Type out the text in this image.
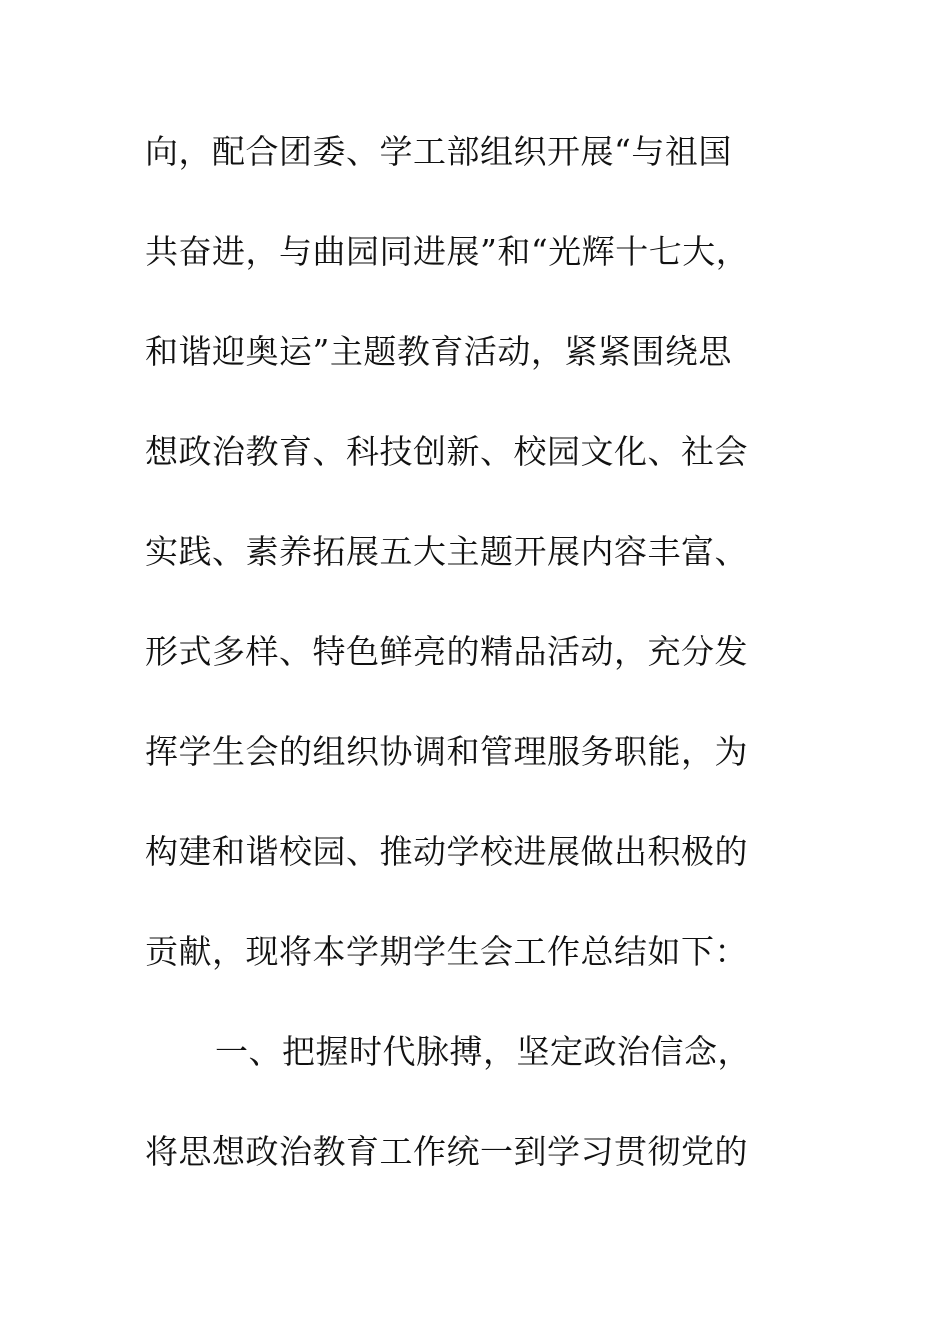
向，配合团委、学工部组织开展“与祖国

共奋进，与曲园同进展”和“光辉十七大，

和谐迎奥运”主题教育活动，紧紧围绕思

想政治教育、科技创新、校园文化、社会

实践、素养拓展五大主题开展内容丰富、

形式多样、特色鲜亮的精品活动，充分发

挥学生会的组织协调和管理服务职能，为

构建和谐校园、推动学校进展做出积极的

贡献，现将本学期学生会工作总结如下：

一、把握时代脉搏，坚定政治信念，

将思想政治教育工作统一到学习贯彻党的
